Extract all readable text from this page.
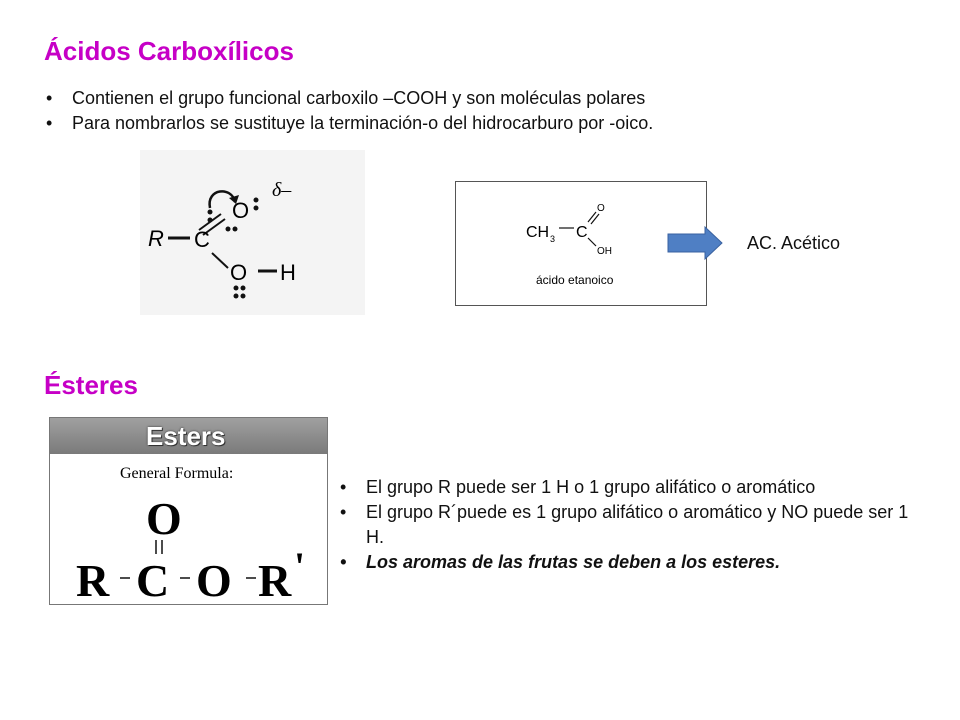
Ácidos Carboxílicos
• Contienen el grupo funcional carboxilo –COOH y son moléculas polares
• Para nombrarlos se sustituye la terminación-o del hidrocarburo por -oico.
O
δ–
R C
O H
CH 3 C
O
OH
ácido etanoico
AC. Acético
Ésteres
Esters
General Formula:
O
R C O R '
• El grupo R puede ser 1 H o 1 grupo alifático o aromático
• El grupo R´puede es 1 grupo alifático o aromático y NO puede ser 1 H.
• Los aromas de las frutas se deben a los esteres.
